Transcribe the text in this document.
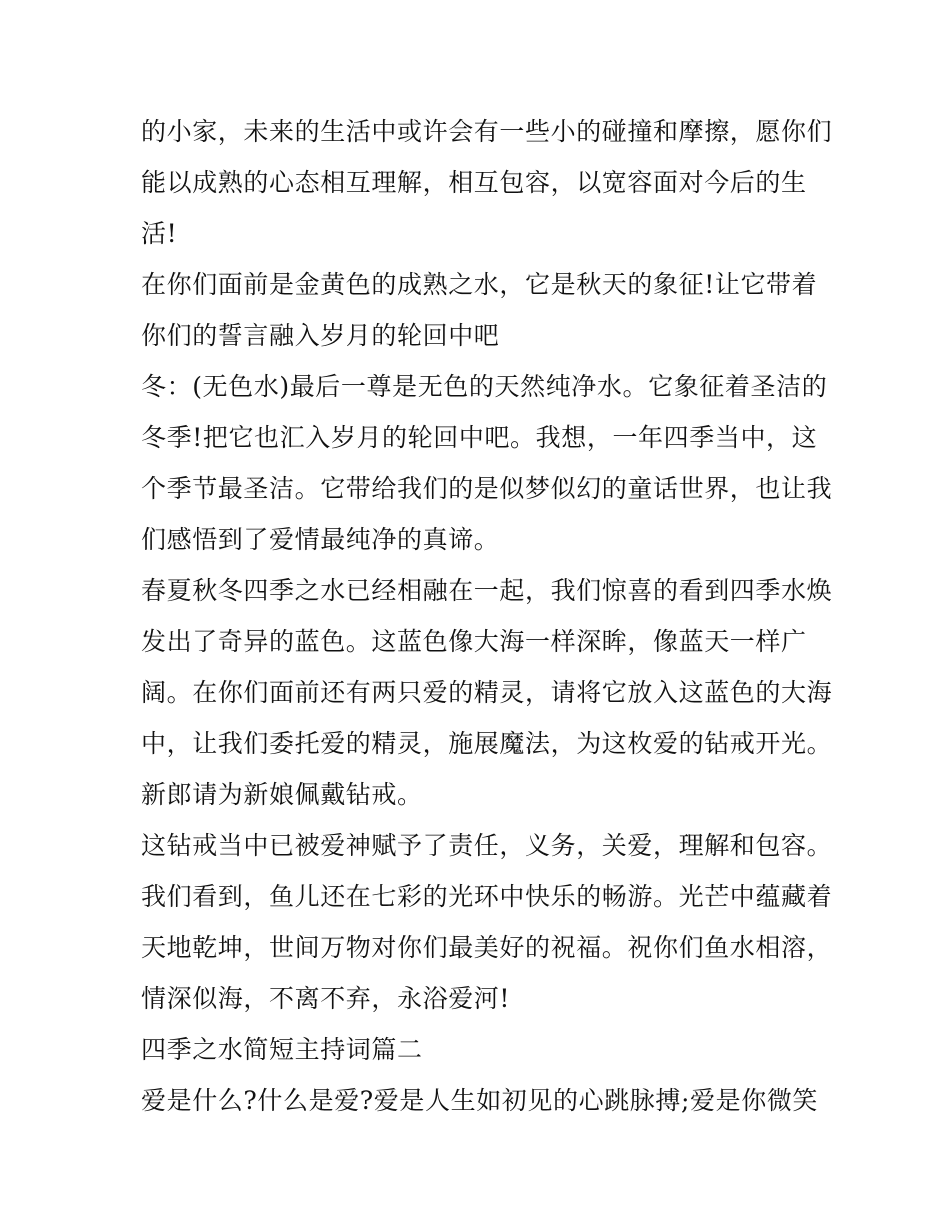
的小家，未来的生活中或许会有一些小的碰撞和摩擦，愿你们
能以成熟的心态相互理解，相互包容，以宽容面对今后的生
活!
在你们面前是金黄色的成熟之水，它是秋天的象征!让它带着
你们的誓言融入岁月的轮回中吧
冬：(无色水)最后一尊是无色的天然纯净水。它象征着圣洁的
冬季!把它也汇入岁月的轮回中吧。我想，一年四季当中，这
个季节最圣洁。它带给我们的是似梦似幻的童话世界，也让我
们感悟到了爱情最纯净的真谛。
春夏秋冬四季之水已经相融在一起，我们惊喜的看到四季水焕
发出了奇异的蓝色。这蓝色像大海一样深眸，像蓝天一样广
阔。在你们面前还有两只爱的精灵，请将它放入这蓝色的大海
中，让我们委托爱的精灵，施展魔法，为这枚爱的钻戒开光。
新郎请为新娘佩戴钻戒。
这钻戒当中已被爱神赋予了责任，义务，关爱，理解和包容。
我们看到，鱼儿还在七彩的光环中快乐的畅游。光芒中蕴藏着
天地乾坤，世间万物对你们最美好的祝福。祝你们鱼水相溶，
情深似海，不离不弃，永浴爱河!
四季之水简短主持词篇二
爱是什么?什么是爱?爱是人生如初见的心跳脉搏;爱是你微笑
